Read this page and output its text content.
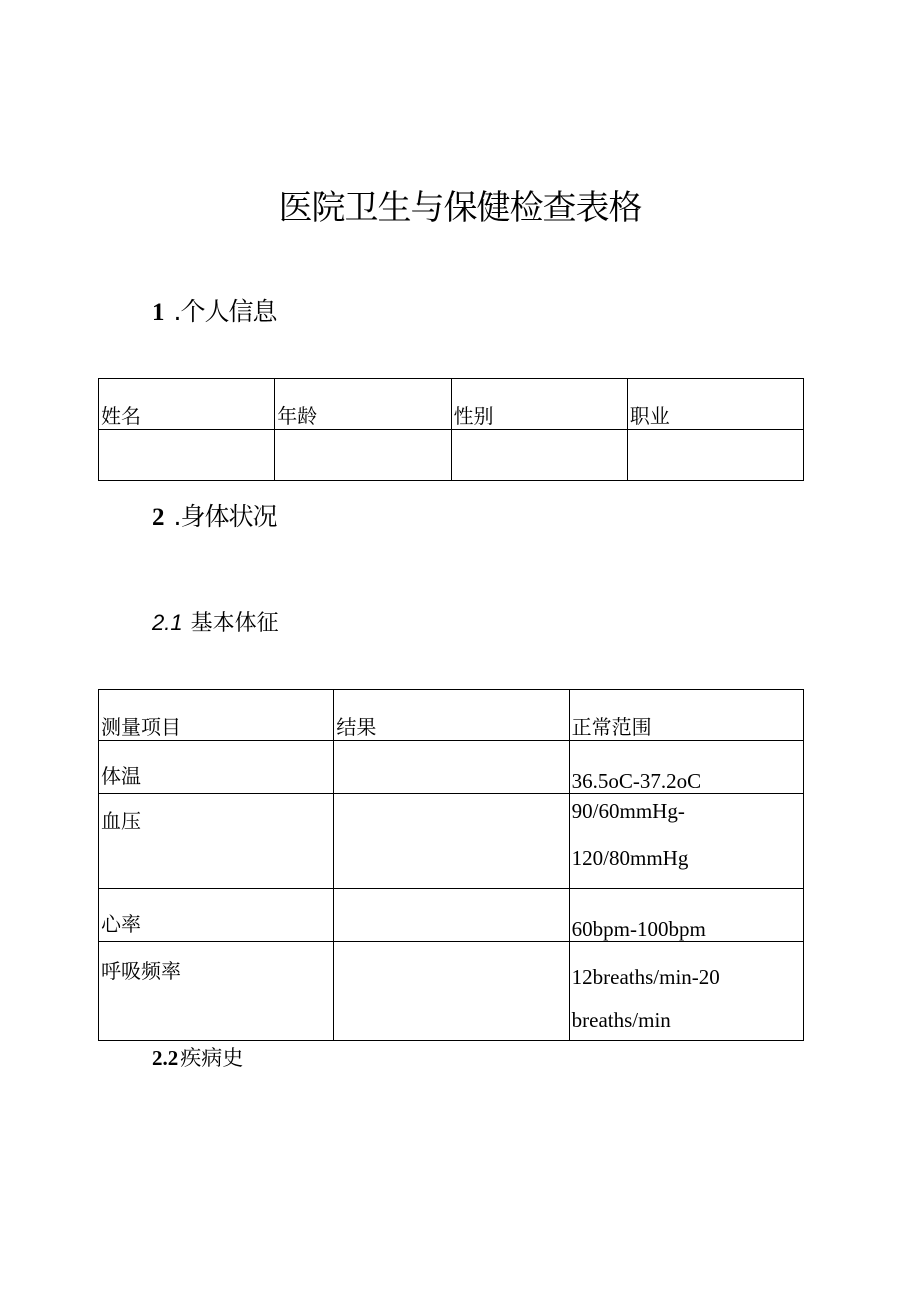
医院卫生与保健检查表格
1 .个人信息
姓名	年龄	性别	职业

2 .身体状况
2.1 基本体征
测量项目	结果	正常范围
体温		36.5oC-37.2oC
血压		90/60mmHg-
120/80mmHg

心率		60bpm-100bpm
呼吸频率		12breaths/min-20
breaths/min
2.2疾病史
